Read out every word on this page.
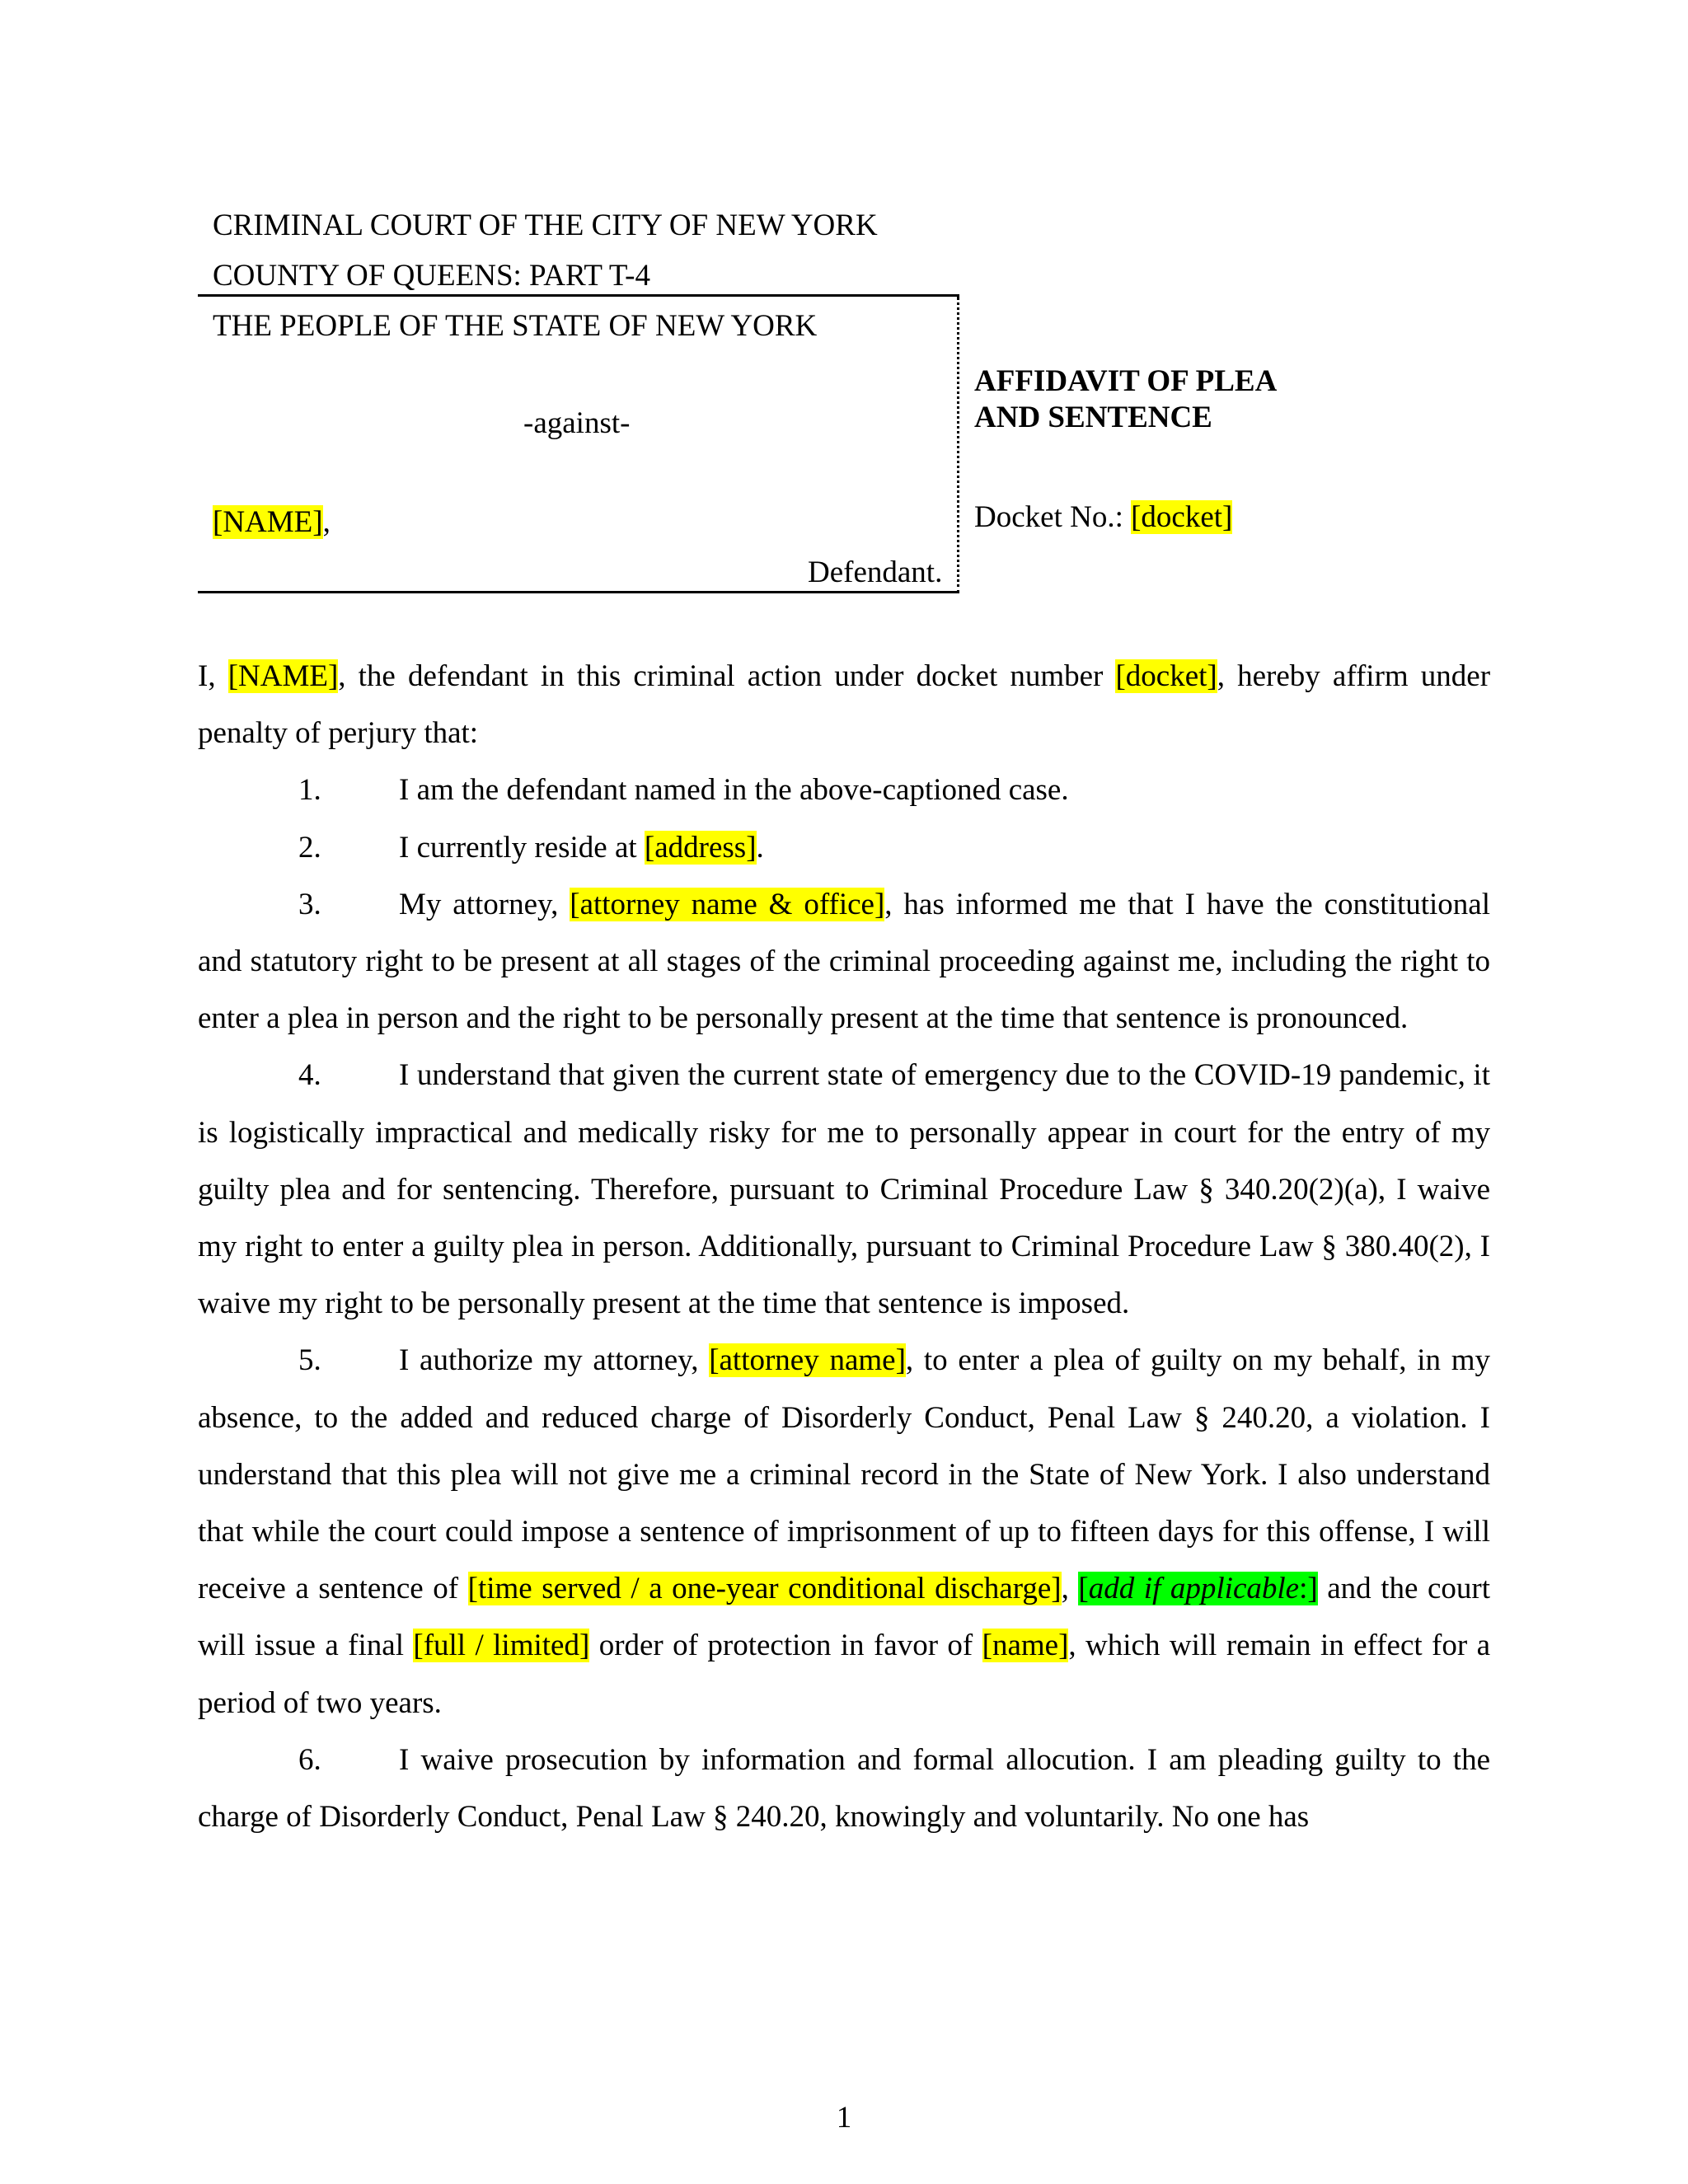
CRIMINAL COURT OF THE CITY OF NEW YORK
COUNTY OF QUEENS: PART T-4
THE PEOPLE OF THE STATE OF NEW YORK
-against-
[NAME],
Defendant.
AFFIDAVIT OF PLEA
AND SENTENCE
Docket No.: [docket]

I, [NAME], the defendant in this criminal action under docket number [docket], hereby affirm under penalty of perjury that:

1.	I am the defendant named in the above-captioned case.

2.	I currently reside at [address].

3.	My attorney, [attorney name & office], has informed me that I have the constitutional and statutory right to be present at all stages of the criminal proceeding against me, including the right to enter a plea in person and the right to be personally present at the time that sentence is pronounced.

4.	I understand that given the current state of emergency due to the COVID-19 pandemic, it is logistically impractical and medically risky for me to personally appear in court for the entry of my guilty plea and for sentencing. Therefore, pursuant to Criminal Procedure Law § 340.20(2)(a), I waive my right to enter a guilty plea in person. Additionally, pursuant to Criminal Procedure Law § 380.40(2), I waive my right to be personally present at the time that sentence is imposed.

5.	I authorize my attorney, [attorney name], to enter a plea of guilty on my behalf, in my absence, to the added and reduced charge of Disorderly Conduct, Penal Law § 240.20, a violation. I understand that this plea will not give me a criminal record in the State of New York. I also understand that while the court could impose a sentence of imprisonment of up to fifteen days for this offense, I will receive a sentence of [time served / a one-year conditional discharge], [add if applicable:] and the court will issue a final [full / limited] order of protection in favor of [name], which will remain in effect for a period of two years.

6.	I waive prosecution by information and formal allocution. I am pleading guilty to the charge of Disorderly Conduct, Penal Law § 240.20, knowingly and voluntarily. No one has

1
